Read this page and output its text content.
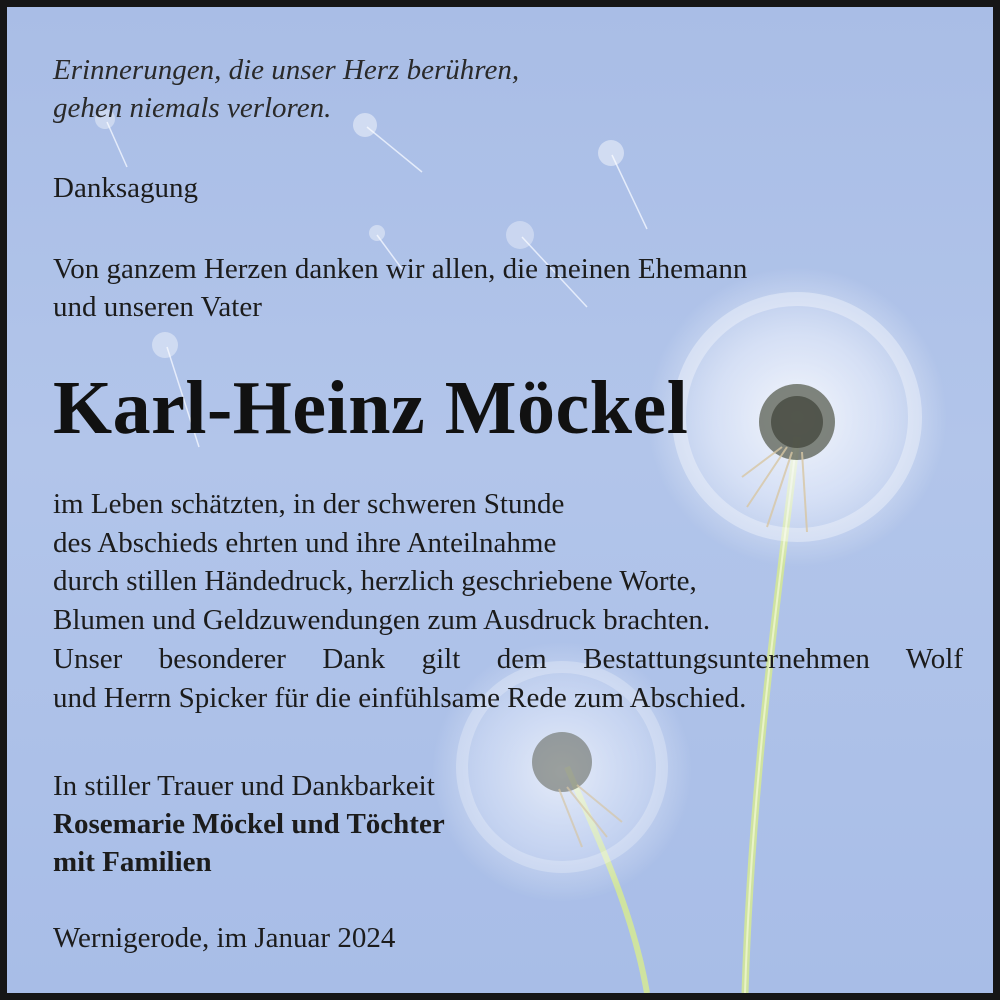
Erinnerungen, die unser Herz berühren,
gehen niemals verloren.

Danksagung

Von ganzem Herzen danken wir allen, die meinen Ehemann
und unseren Vater

Karl-Heinz Möckel

im Leben schätzten, in der schweren Stunde
des Abschieds ehrten und ihre Anteilnahme
durch stillen Händedruck, herzlich geschriebene Worte,
Blumen und Geldzuwendungen zum Ausdruck brachten.
Unser besonderer Dank gilt dem Bestattungsunternehmen Wolf
und Herrn Spicker für die einfühlsame Rede zum Abschied.

In stiller Trauer und Dankbarkeit
Rosemarie Möckel und Töchter
mit Familien

Wernigerode, im Januar 2024
